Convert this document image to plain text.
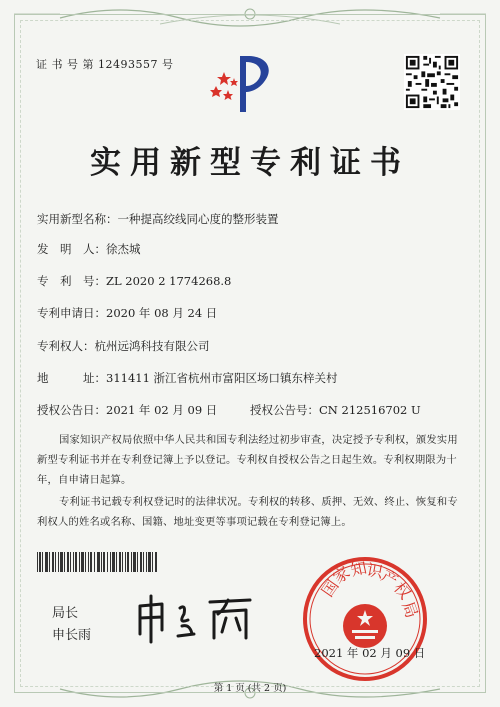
证 书 号 第 12493557 号
实用新型专利证书
实用新型名称：一种提高绞线同心度的整形装置
发　明　人：徐杰城
专　利　号：ZL 2020 2 1774268.8
专利申请日：2020 年 08 月 24 日
专利权人：杭州远鸿科技有限公司
地　　　址：311411 浙江省杭州市富阳区场口镇东梓关村
授权公告日：2021 年 02 月 09 日	授权公告号：CN 212516702 U

国家知识产权局依照中华人民共和国专利法经过初步审查，决定授予专利权，颁发实用新型专利证书并在专利登记簿上予以登记。专利权自授权公告之日起生效。专利权期限为十年，自申请日起算。

专利证书记载专利权登记时的法律状况。专利权的转移、质押、无效、终止、恢复和专利权人的姓名或名称、国籍、地址变更等事项记载在专利登记簿上。

局长
申长雨
国
家
知
识
产
权
局
2021 年 02 月 09 日
第 1 页 (共 2 页)
